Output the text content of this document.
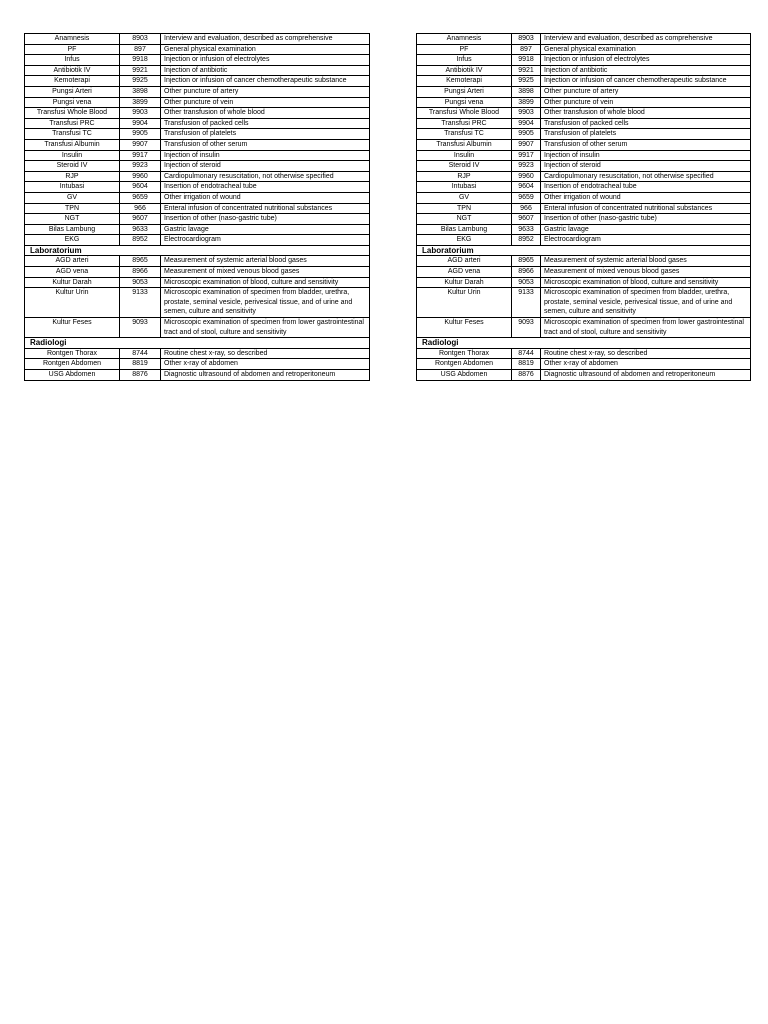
Anamnesis	8903	Interview and evaluation, described as comprehensive
PF	897	General physical examination
Infus	9918	Injection or infusion of electrolytes
Antibiotik IV	9921	Injection of antibiotic
Kemoterapi	9925	Injection or infusion of cancer chemotherapeutic substance
Pungsi Arteri	3898	Other puncture of artery
Pungsi vena	3899	Other puncture of vein
Transfusi Whole Blood	9903	Other transfusion of whole blood
Transfusi PRC	9904	Transfusion of packed cells
Transfusi TC	9905	Transfusion of platelets
Transfusi Albumin	9907	Transfusion of other serum
Insulin	9917	Injection of insulin
Steroid IV	9923	Injection of steroid
RJP	9960	Cardiopulmonary resuscitation, not otherwise specified
Intubasi	9604	Insertion of endotracheal tube
GV	9659	Other irrigation of wound
TPN	966	Enteral infusion of concentrated nutritional substances
NGT	9607	Insertion of other (naso-gastric tube)
Bilas Lambung	9633	Gastric lavage
EKG	8952	Electrocardiogram
Laboratorium		
AGD arteri	8965	Measurement of systemic arterial blood gases
AGD vena	8966	Measurement of mixed venous blood gases
Kultur Darah	9053	Microscopic examination of blood, culture and sensitivity
Kultur Urin	9133	Microscopic examination of specimen from bladder, urethra, prostate, seminal vesicle, perivesical tissue, and of urine and semen, culture and sensitivity
Kultur Feses	9093	Microscopic examination of specimen from lower gastrointestinal tract and of stool, culture and sensitivity
Radiologi		
Rontgen Thorax	8744	Routine chest x-ray, so described
Rontgen Abdomen	8819	Other x-ray of abdomen
USG Abdomen	8876	Diagnostic ultrasound of abdomen and retroperitoneum
Anamnesis	8903	Interview and evaluation, described as comprehensive
PF	897	General physical examination
Infus	9918	Injection or infusion of electrolytes
Antibiotik IV	9921	Injection of antibiotic
Kemoterapi	9925	Injection or infusion of cancer chemotherapeutic substance
Pungsi Arteri	3898	Other puncture of artery
Pungsi vena	3899	Other puncture of vein
Transfusi Whole Blood	9903	Other transfusion of whole blood
Transfusi PRC	9904	Transfusion of packed cells
Transfusi TC	9905	Transfusion of platelets
Transfusi Albumin	9907	Transfusion of other serum
Insulin	9917	Injection of insulin
Steroid IV	9923	Injection of steroid
RJP	9960	Cardiopulmonary resuscitation, not otherwise specified
Intubasi	9604	Insertion of endotracheal tube
GV	9659	Other irrigation of wound
TPN	966	Enteral infusion of concentrated nutritional substances
NGT	9607	Insertion of other (naso-gastric tube)
Bilas Lambung	9633	Gastric lavage
EKG	8952	Electrocardiogram
Laboratorium		
AGD arteri	8965	Measurement of systemic arterial blood gases
AGD vena	8966	Measurement of mixed venous blood gases
Kultur Darah	9053	Microscopic examination of blood, culture and sensitivity
Kultur Urin	9133	Microscopic examination of specimen from bladder, urethra, prostate, seminal vesicle, perivesical tissue, and of urine and semen, culture and sensitivity
Kultur Feses	9093	Microscopic examination of specimen from lower gastrointestinal tract and of stool, culture and sensitivity
Radiologi		
Rontgen Thorax	8744	Routine chest x-ray, so described
Rontgen Abdomen	8819	Other x-ray of abdomen
USG Abdomen	8876	Diagnostic ultrasound of abdomen and retroperitoneum
